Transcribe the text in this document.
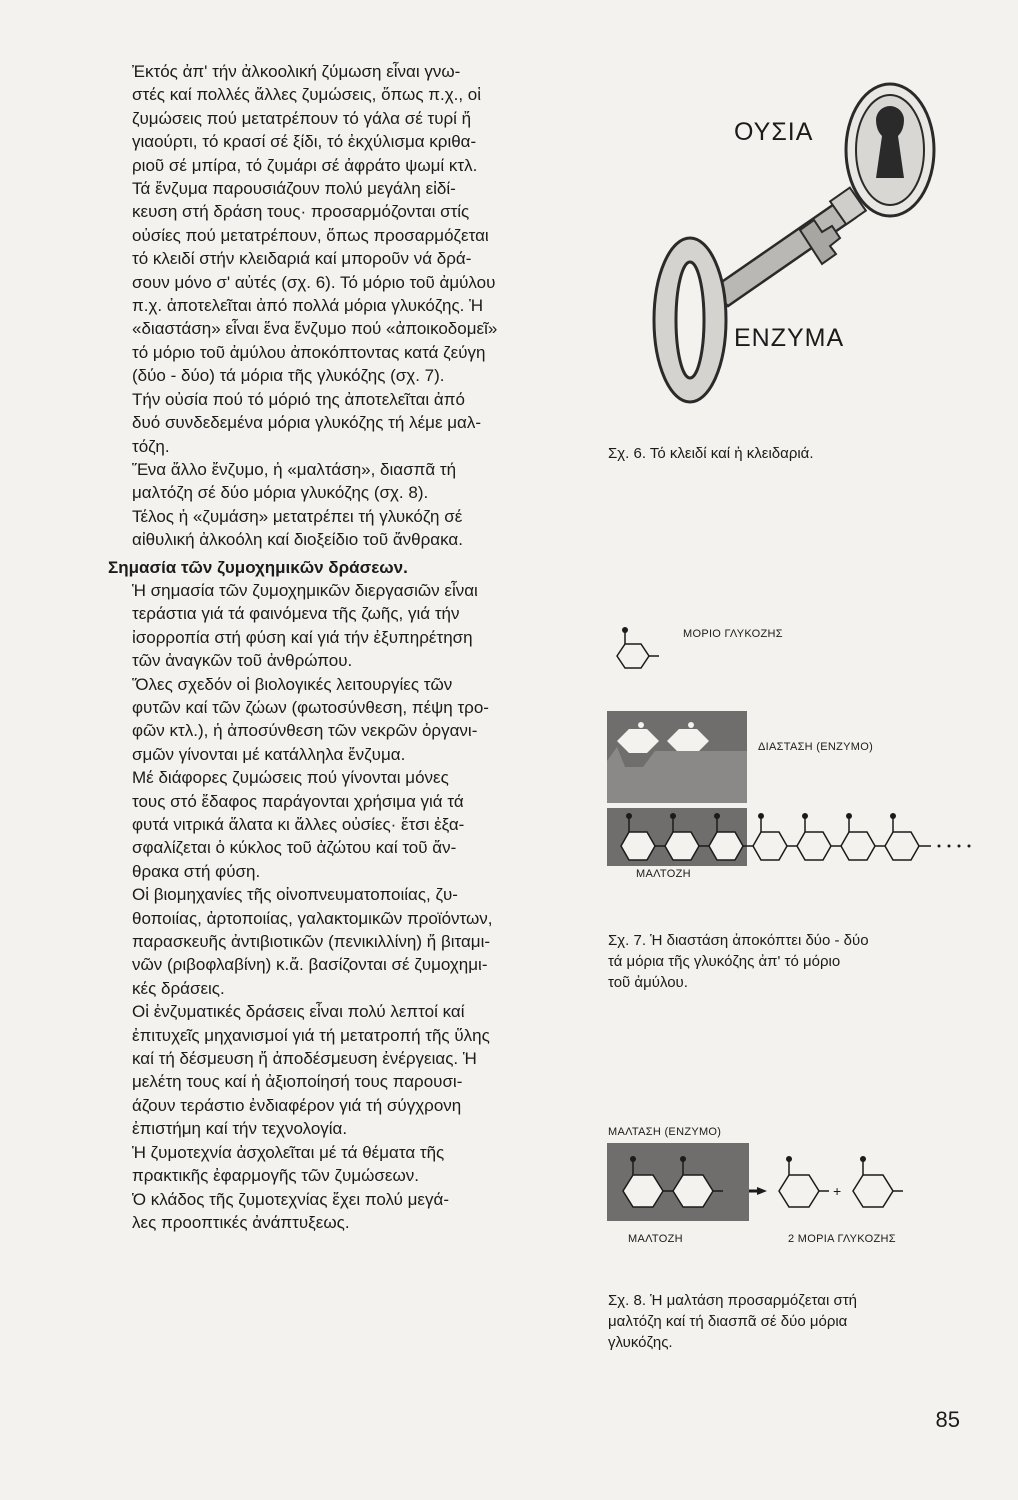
Ἐκτός ἀπ' τήν ἀλκοολική ζύμωση εἶναι γνω-
στές καί πολλές ἄλλες ζυμώσεις, ὅπως π.χ., οἱ
ζυμώσεις πού μετατρέπουν τό γάλα σέ τυρί ἤ
γιαούρτι, τό κρασί σέ ξίδι, τό ἐκχύλισμα κριθα-
ριοῦ σέ μπίρα, τό ζυμάρι σέ ἀφράτο ψωμί κτλ.

Τά ἔνζυμα παρουσιάζουν πολύ μεγάλη εἰδί-
κευση στή δράση τους· προσαρμόζονται στίς
οὐσίες πού μετατρέπουν, ὅπως προσαρμόζεται
τό κλειδί στήν κλειδαριά καί μποροῦν νά δρά-
σουν μόνο σ' αὐτές (σχ. 6). Τό μόριο τοῦ ἀμύλου
π.χ. ἀποτελεῖται ἀπό πολλά μόρια γλυκόζης. Ἡ
«διαστάση» εἶναι ἕνα ἔνζυμο πού «ἀποικοδομεῖ»
τό μόριο τοῦ ἀμύλου ἀποκόπτοντας κατά ζεύγη
(δύο - δύο) τά μόρια τῆς γλυκόζης (σχ. 7).

Τήν οὐσία πού τό μόριό της ἀποτελεῖται ἀπό
δυό συνδεδεμένα μόρια γλυκόζης τή λέμε μαλ-
τόζη.

Ἕνα ἄλλο ἔνζυμο, ἡ «μαλτάση», διασπᾶ τή
μαλτόζη σέ δύο μόρια γλυκόζης (σχ. 8).

Τέλος ἡ «ζυμάση» μετατρέπει τή γλυκόζη σέ
αἰθυλική ἀλκοόλη καί διοξείδιο τοῦ ἄνθρακα.

Σημασία τῶν ζυμοχημικῶν δράσεων.

Ἡ σημασία τῶν ζυμοχημικῶν διεργασιῶν εἶναι
τεράστια γιά τά φαινόμενα τῆς ζωῆς, γιά τήν
ἰσορροπία στή φύση καί γιά τήν ἐξυπηρέτηση
τῶν ἀναγκῶν τοῦ ἀνθρώπου.

Ὅλες σχεδόν οἱ βιολογικές λειτουργίες τῶν
φυτῶν καί τῶν ζώων (φωτοσύνθεση, πέψη τρο-
φῶν κτλ.), ἡ ἀποσύνθεση τῶν νεκρῶν ὀργανι-
σμῶν γίνονται μέ κατάλληλα ἔνζυμα.

Μέ διάφορες ζυμώσεις πού γίνονται μόνες
τους στό ἔδαφος παράγονται χρήσιμα γιά τά
φυτά νιτρικά ἅλατα κι ἄλλες οὐσίες· ἔτσι ἐξα-
σφαλίζεται ὁ κύκλος τοῦ ἀζώτου καί τοῦ ἄν-
θρακα στή φύση.

Οἱ βιομηχανίες τῆς οἰνοπνευματοποιίας, ζυ-
θοποιίας, ἀρτοποιίας, γαλακτομικῶν προϊόντων,
παρασκευῆς ἀντιβιοτικῶν (πενικιλλίνη) ἤ βιταμι-
νῶν (ριβοφλαβίνη) κ.ἄ. βασίζονται σέ ζυμοχημι-
κές δράσεις.

Οἱ ἐνζυματικές δράσεις εἶναι πολύ λεπτοί καί
ἐπιτυχεῖς μηχανισμοί γιά τή μετατροπή τῆς ὕλης
καί τή δέσμευση ἤ ἀποδέσμευση ἐνέργειας. Ἡ
μελέτη τους καί ἡ ἀξιοποίησή τους παρουσι-
άζουν τεράστιο ἐνδιαφέρον γιά τή σύγχρονη
ἐπιστήμη καί τήν τεχνολογία.

Ἡ ζυμοτεχνία ἀσχολεῖται μέ τά θέματα τῆς
πρακτικῆς ἐφαρμογῆς τῶν ζυμώσεων.

Ὁ κλάδος τῆς ζυμοτεχνίας ἔχει πολύ μεγά-
λες προοπτικές ἀνάπτυξεως.

ΟΥΣΙΑ
ΕΝΖΥΜΑ
Σχ. 6. Τό κλειδί καί ἡ κλειδαριά.
ΜΟΡΙΟ ΓΛΥΚΟΖΗΣ
ΔΙΑΣΤΑΣΗ (ΕΝΖΥΜΟ)
ΜΑΛΤΟΖΗ
Σχ. 7. Ἡ διαστάση ἀποκόπτει δύο - δύο
τά μόρια τῆς γλυκόζης ἀπ' τό μόριο
τοῦ ἀμύλου.
ΜΑΛΤΑΣΗ (ΕΝΖΥΜΟ)
+
ΜΑΛΤΟΖΗ	2 ΜΟΡΙΑ ΓΛΥΚΟΖΗΣ
Σχ. 8. Ἡ μαλτάση προσαρμόζεται στή
μαλτόζη καί τή διασπᾶ σέ δύο μόρια
γλυκόζης.
85
